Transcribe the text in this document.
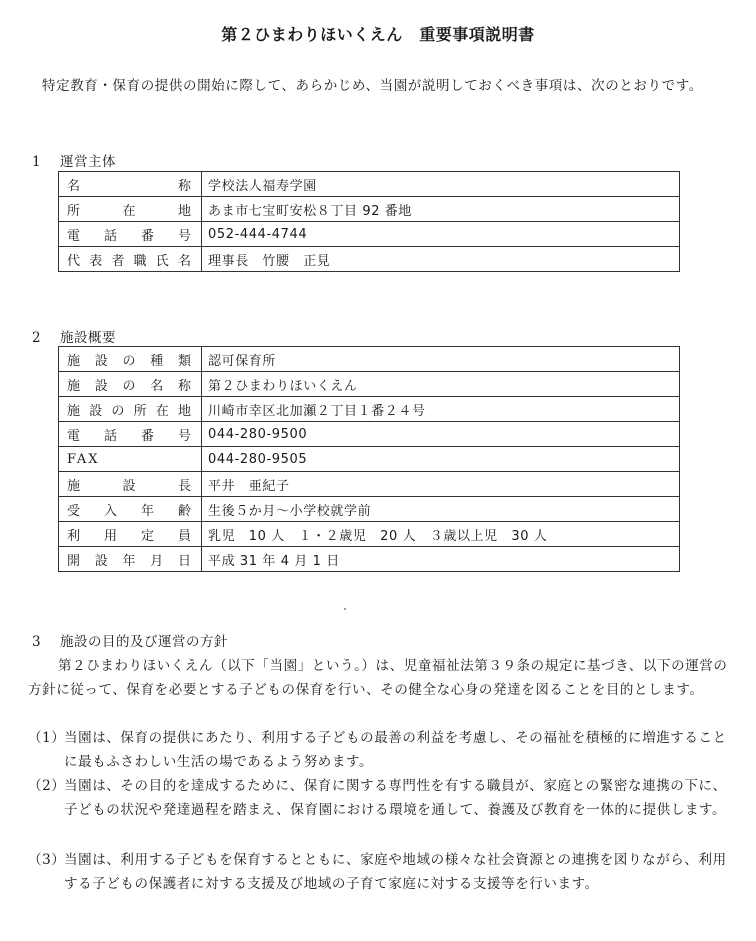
第２ひまわりほいくえん　重要事項説明書
特定教育・保育の提供の開始に際して、あらかじめ、当園が説明しておくべき事項は、次のとおりです。
1 運営主体
名称	学校法人福寿学園
所在地	あま市七宝町安松８丁目 92 番地
電話番号	052-444-4744
代表者職氏名	理事長　竹腰　正見
2 施設概要
施設の種類	認可保育所
施設の名称	第２ひまわりほいくえん
施設の所在地	川崎市幸区北加瀬２丁目１番２４号
電話番号	044-280-9500
FAX	044-280-9505
施設長	平井　亜紀子
受入年齢	生後５か月～小学校就学前
利用定員	乳児　10 人　１・２歳児　20 人　３歳以上児　30 人
開設年月日	平成 31 年 4 月 1 日
3 施設の目的及び運営の方針
第２ひまわりほいくえん（以下「当園」という。）は、児童福祉法第３９条の規定に基づき、以下の運営の方針に従って、保育を必要とする子どもの保育を行い、その健全な心身の発達を図ることを目的とします。
（1）
当園は、保育の提供にあたり、利用する子どもの最善の利益を考慮し、その福祉を積極的に増進することに最もふさわしい生活の場であるよう努めます。
（2）
当園は、その目的を達成するために、保育に関する専門性を有する職員が、家庭との緊密な連携の下に、子どもの状況や発達過程を踏まえ、保育園における環境を通して、養護及び教育を一体的に提供します。
（3）
当園は、利用する子どもを保育するとともに、家庭や地域の様々な社会資源との連携を図りながら、利用する子どもの保護者に対する支援及び地域の子育て家庭に対する支援等を行います。
